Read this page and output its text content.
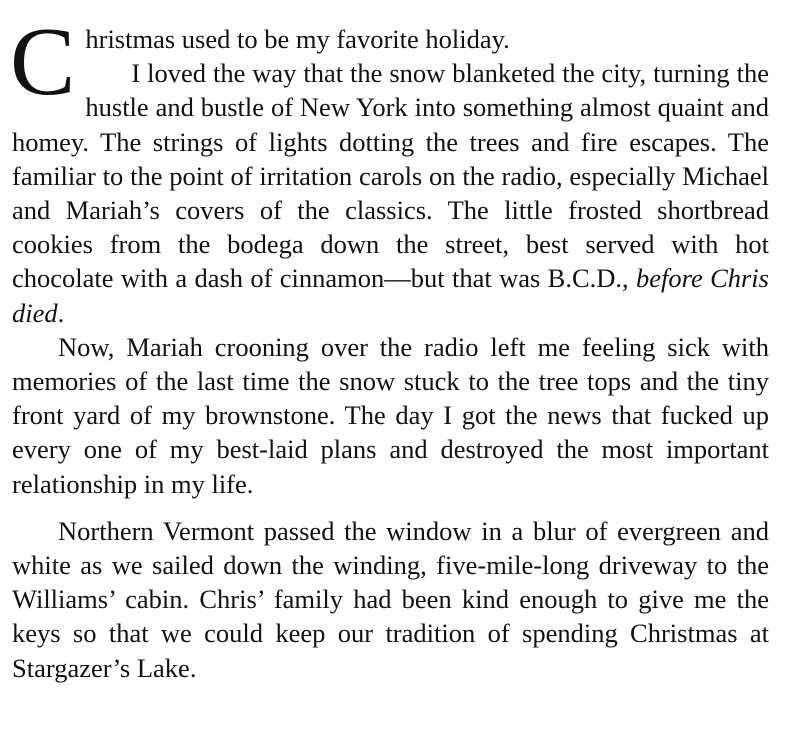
C hristmas used to be my favorite holiday.

I loved the way that the snow blanketed the city, turning the hustle and bustle of New York into something almost quaint and homey. The strings of lights dotting the trees and fire escapes. The familiar to the point of irritation carols on the radio, especially Michael and Mariah’s covers of the classics. The little frosted shortbread cookies from the bodega down the street, best served with hot chocolate with a dash of cinnamon—but that was B.C.D., before Chris died.

Now, Mariah crooning over the radio left me feeling sick with memories of the last time the snow stuck to the tree tops and the tiny front yard of my brownstone. The day I got the news that fucked up every one of my best-laid plans and destroyed the most important relationship in my life.

Northern Vermont passed the window in a blur of evergreen and white as we sailed down the winding, five-mile-long driveway to the Williams’ cabin. Chris’ family had been kind enough to give me the keys so that we could keep our tradition of spending Christmas at Stargazer’s Lake.
